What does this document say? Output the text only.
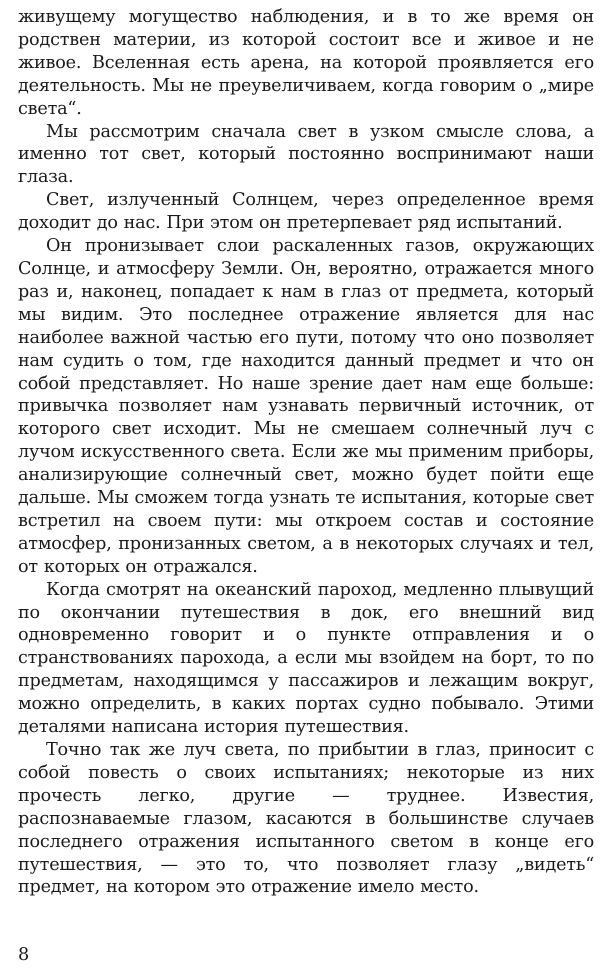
живущему могущество наблюдения, и в то же время он родствен материи, из которой состоит все и живое и не живое. Вселенная есть арена, на которой проявляется его деятельность. Мы не преувеличиваем, когда говорим о „мире света“.

Мы рассмотрим сначала свет в узком смысле слова, а именно тот свет, который постоянно воспринимают наши глаза.

Свет, излученный Солнцем, через определенное время доходит до нас. При этом он претерпевает ряд испытаний.

Он пронизывает слои раскаленных газов, окружающих Солнце, и атмосферу Земли. Он, вероятно, отражается много раз и, наконец, попадает к нам в глаз от предмета, который мы видим. Это последнее отражение является для нас наиболее важной частью его пути, потому что оно позволяет нам судить о том, где находится данный предмет и что он собой представляет. Но наше зрение дает нам еще больше: привычка позволяет нам узнавать первичный источник, от которого свет исходит. Мы не смешаем солнечный луч с лучом искусственного света. Если же мы применим приборы, анализирующие солнечный свет, можно будет пойти еще дальше. Мы сможем тогда узнать те испытания, которые свет встретил на своем пути: мы откроем состав и состояние атмосфер, пронизанных светом, а в некоторых случаях и тел, от которых он отражался.

Когда смотрят на океанский пароход, медленно плывущий по окончании путешествия в док, его внешний вид одновременно говорит и о пункте отправления и о странствованиях парохода, а если мы взойдем на борт, то по предметам, находящимся у пассажиров и лежащим вокруг, можно определить, в каких портах судно побывало. Этими деталями написана история путешествия.

Точно так же луч света, по прибытии в глаз, приносит с собой повесть о своих испытаниях; некоторые из них прочесть легко, другие — труднее. Известия, распознаваемые глазом, касаются в большинстве случаев последнего отражения испытанного светом в конце его путешествия, — это то, что позволяет глазу „видеть“ предмет, на котором это отражение имело место.

8
